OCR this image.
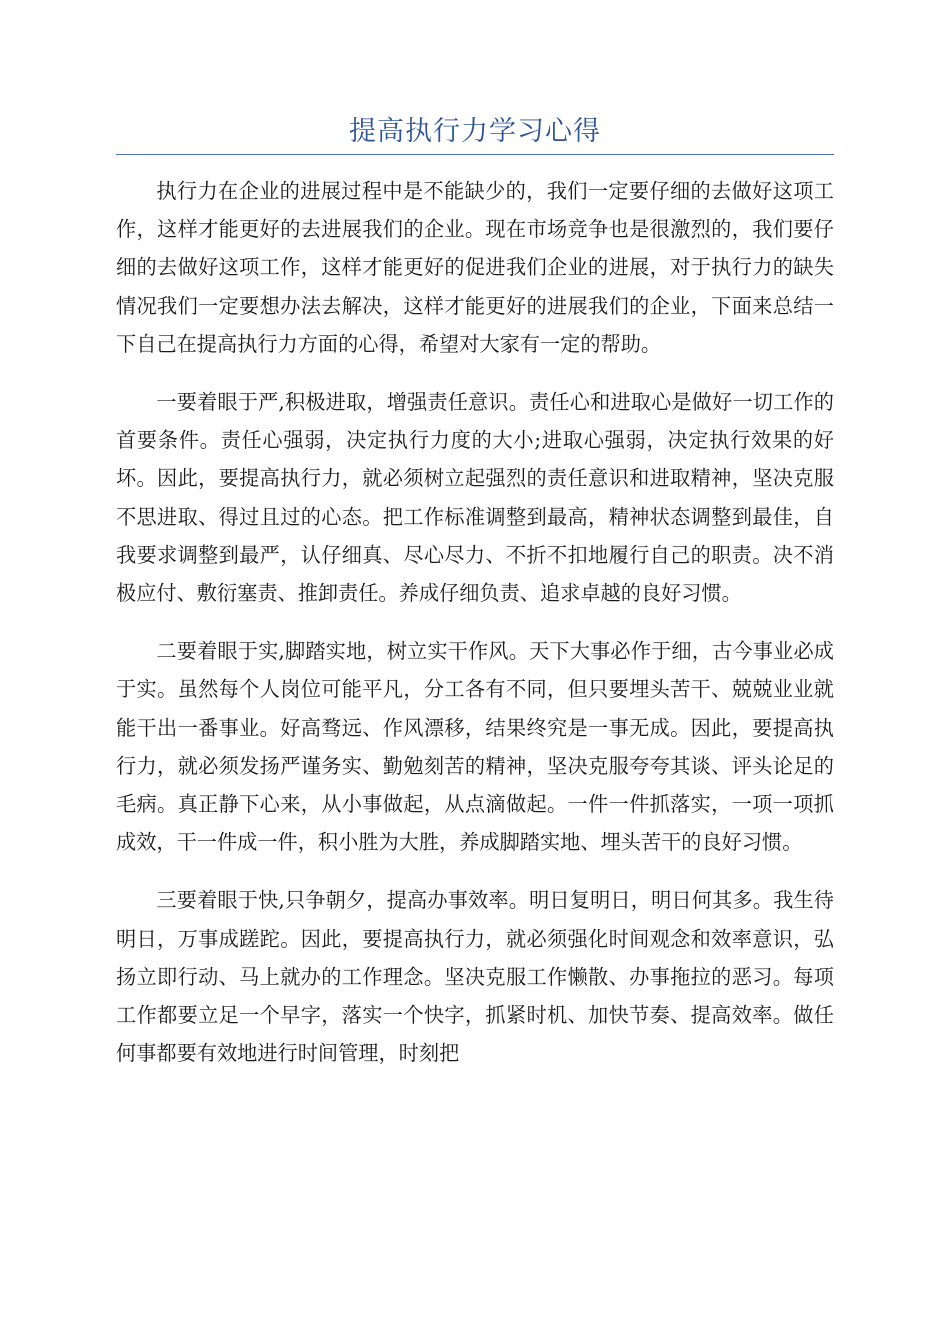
提高执行力学习心得

执行力在企业的进展过程中是不能缺少的，我们一定要仔细的去做好这项工作，这样才能更好的去进展我们的企业。现在市场竞争也是很激烈的，我们要仔细的去做好这项工作，这样才能更好的促进我们企业的进展，对于执行力的缺失情况我们一定要想办法去解决，这样才能更好的进展我们的企业，下面来总结一下自己在提高执行力方面的心得，希望对大家有一定的帮助。

一要着眼于严,积极进取，增强责任意识。责任心和进取心是做好一切工作的首要条件。责任心强弱，决定执行力度的大小;进取心强弱，决定执行效果的好坏。因此，要提高执行力，就必须树立起强烈的责任意识和进取精神，坚决克服不思进取、得过且过的心态。把工作标准调整到最高，精神状态调整到最佳，自我要求调整到最严，认仔细真、尽心尽力、不折不扣地履行自己的职责。决不消极应付、敷衍塞责、推卸责任。养成仔细负责、追求卓越的良好习惯。

二要着眼于实,脚踏实地，树立实干作风。天下大事必作于细，古今事业必成于实。虽然每个人岗位可能平凡，分工各有不同，但只要埋头苦干、兢兢业业就能干出一番事业。好高骛远、作风漂移，结果终究是一事无成。因此，要提高执行力，就必须发扬严谨务实、勤勉刻苦的精神，坚决克服夸夸其谈、评头论足的毛病。真正静下心来，从小事做起，从点滴做起。一件一件抓落实，一项一项抓成效，干一件成一件，积小胜为大胜，养成脚踏实地、埋头苦干的良好习惯。

三要着眼于快,只争朝夕，提高办事效率。明日复明日，明日何其多。我生待明日，万事成蹉跎。因此，要提高执行力，就必须强化时间观念和效率意识，弘扬立即行动、马上就办的工作理念。坚决克服工作懒散、办事拖拉的恶习。每项工作都要立足一个早字，落实一个快字，抓紧时机、加快节奏、提高效率。做任何事都要有效地进行时间管理，时刻把
